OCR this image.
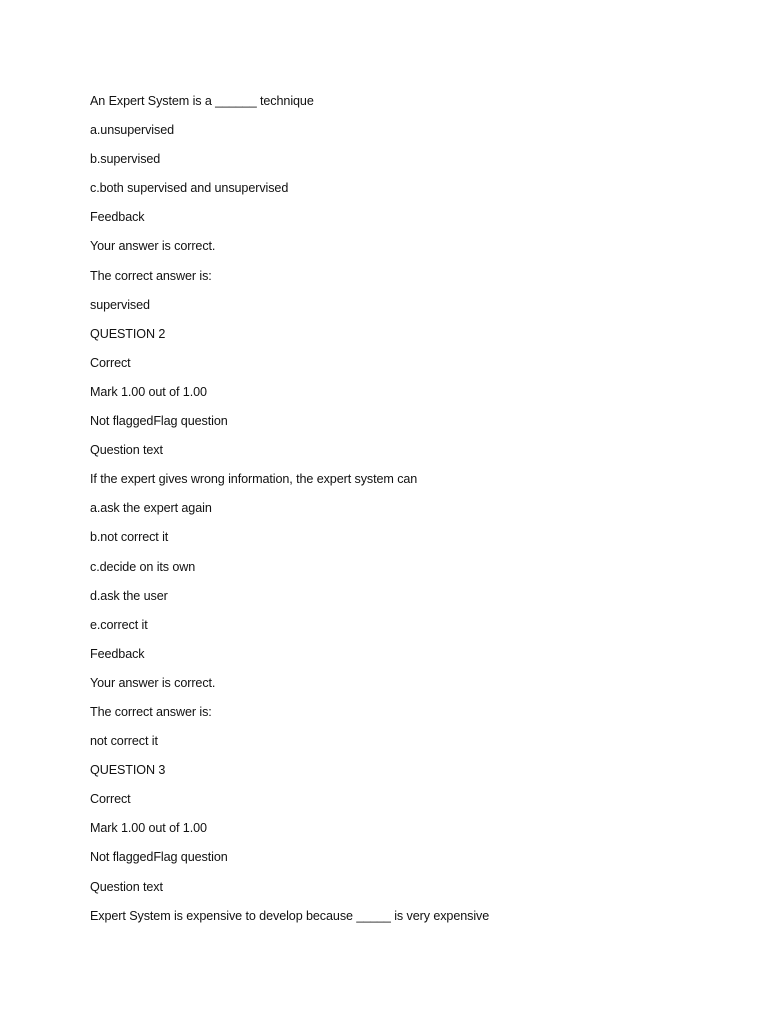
An Expert System is a ______ technique
a.unsupervised
b.supervised
c.both supervised and unsupervised
Feedback
Your answer is correct.
The correct answer is:
supervised
QUESTION 2
Correct
Mark 1.00 out of 1.00
Not flaggedFlag question
Question text
If the expert gives wrong information, the expert system can
a.ask the expert again
b.not correct it
c.decide on its own
d.ask the user
e.correct it
Feedback
Your answer is correct.
The correct answer is:
not correct it
QUESTION 3
Correct
Mark 1.00 out of 1.00
Not flaggedFlag question
Question text
Expert System is expensive to develop because _____ is very expensive
